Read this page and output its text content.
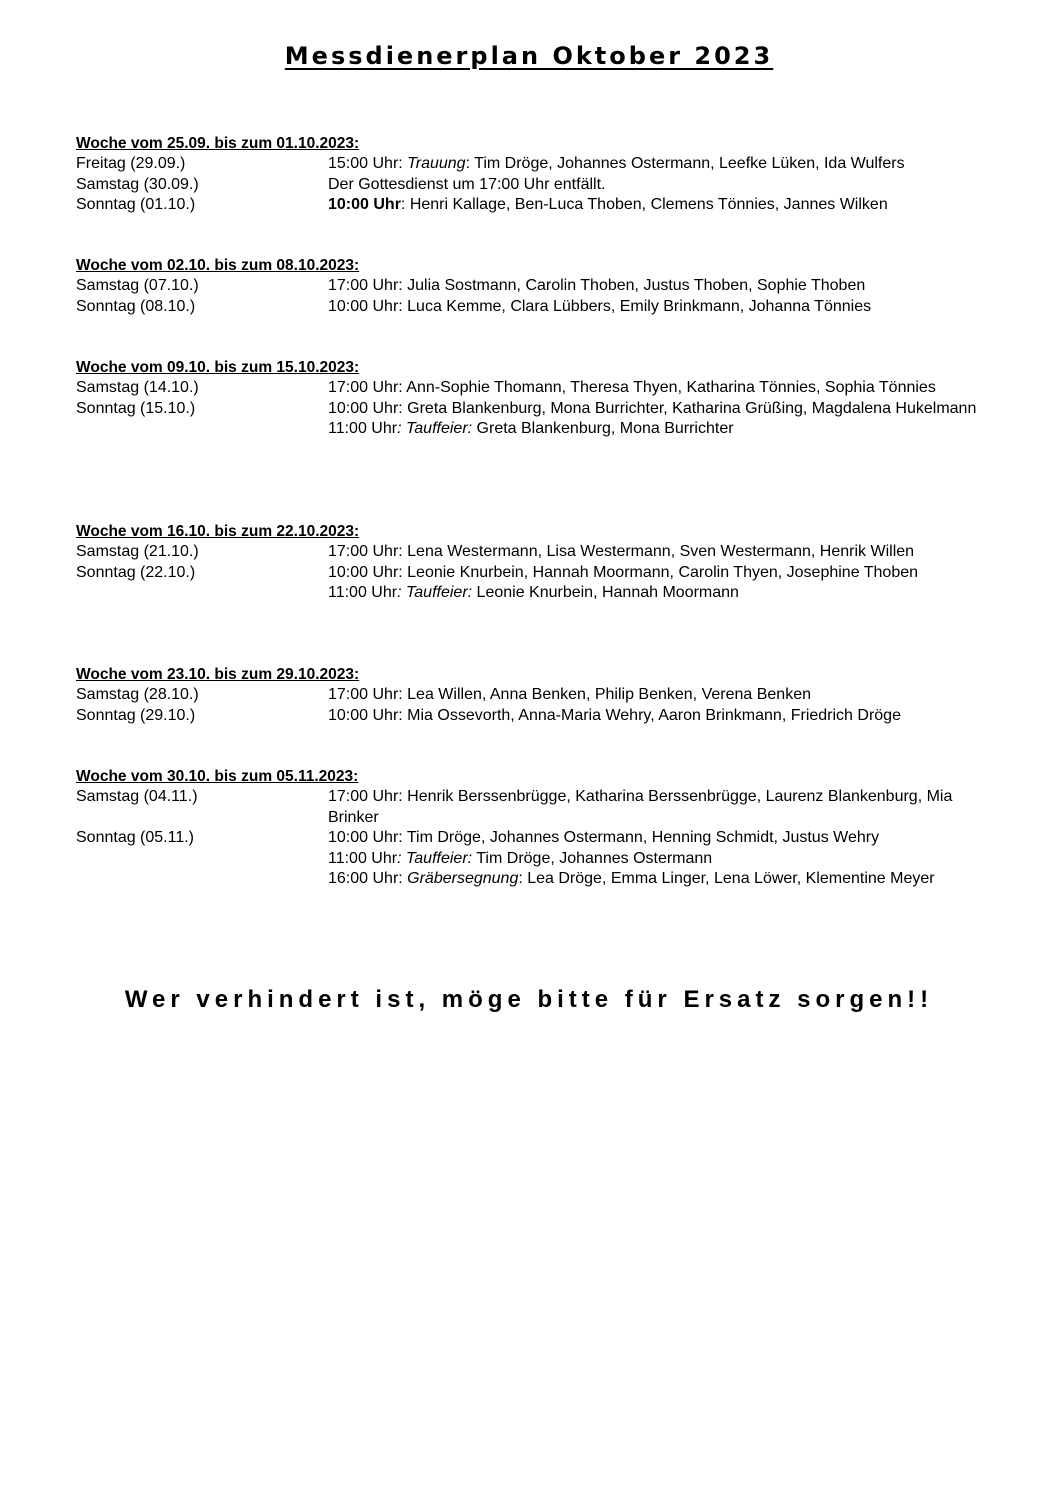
Messdienerplan Oktober 2023
Woche vom 25.09. bis zum 01.10.2023:
Freitag (29.09.)	15:00 Uhr: Trauung: Tim Dröge, Johannes Ostermann, Leefke Lüken, Ida Wulfers
Samstag (30.09.)	Der Gottesdienst um 17:00 Uhr entfällt.
Sonntag (01.10.)	10:00 Uhr: Henri Kallage, Ben-Luca Thoben, Clemens Tönnies, Jannes Wilken
Woche vom 02.10. bis zum 08.10.2023:
Samstag (07.10.)	17:00 Uhr: Julia Sostmann, Carolin Thoben, Justus Thoben, Sophie Thoben
Sonntag (08.10.)	10:00 Uhr: Luca Kemme, Clara Lübbers, Emily Brinkmann, Johanna Tönnies
Woche vom 09.10. bis zum 15.10.2023:
Samstag (14.10.)	17:00 Uhr: Ann-Sophie Thomann, Theresa Thyen, Katharina Tönnies, Sophia Tönnies
Sonntag (15.10.)	10:00 Uhr: Greta Blankenburg, Mona Burrichter, Katharina Grüßing, Magdalena Hukelmann
11:00 Uhr: Tauffeier: Greta Blankenburg, Mona Burrichter
Woche vom 16.10. bis zum 22.10.2023:
Samstag (21.10.)	17:00 Uhr: Lena Westermann, Lisa Westermann, Sven Westermann, Henrik Willen
Sonntag (22.10.)	10:00 Uhr: Leonie Knurbein, Hannah Moormann, Carolin Thyen, Josephine Thoben
11:00 Uhr: Tauffeier: Leonie Knurbein, Hannah Moormann
Woche vom 23.10. bis zum 29.10.2023:
Samstag (28.10.)	17:00 Uhr: Lea Willen, Anna Benken, Philip Benken, Verena Benken
Sonntag (29.10.)	10:00 Uhr: Mia Ossevorth, Anna-Maria Wehry, Aaron Brinkmann, Friedrich Dröge
Woche vom 30.10. bis zum 05.11.2023:
Samstag (04.11.)	17:00 Uhr: Henrik Berssenbrügge, Katharina Berssenbrügge, Laurenz Blankenburg, Mia Brinker
Sonntag (05.11.)	10:00 Uhr: Tim Dröge, Johannes Ostermann, Henning Schmidt, Justus Wehry
11:00 Uhr: Tauffeier: Tim Dröge, Johannes Ostermann
16:00 Uhr: Gräbersegnung: Lea Dröge, Emma Linger, Lena Löwer, Klementine Meyer
Wer verhindert ist, möge bitte für Ersatz sorgen!!
